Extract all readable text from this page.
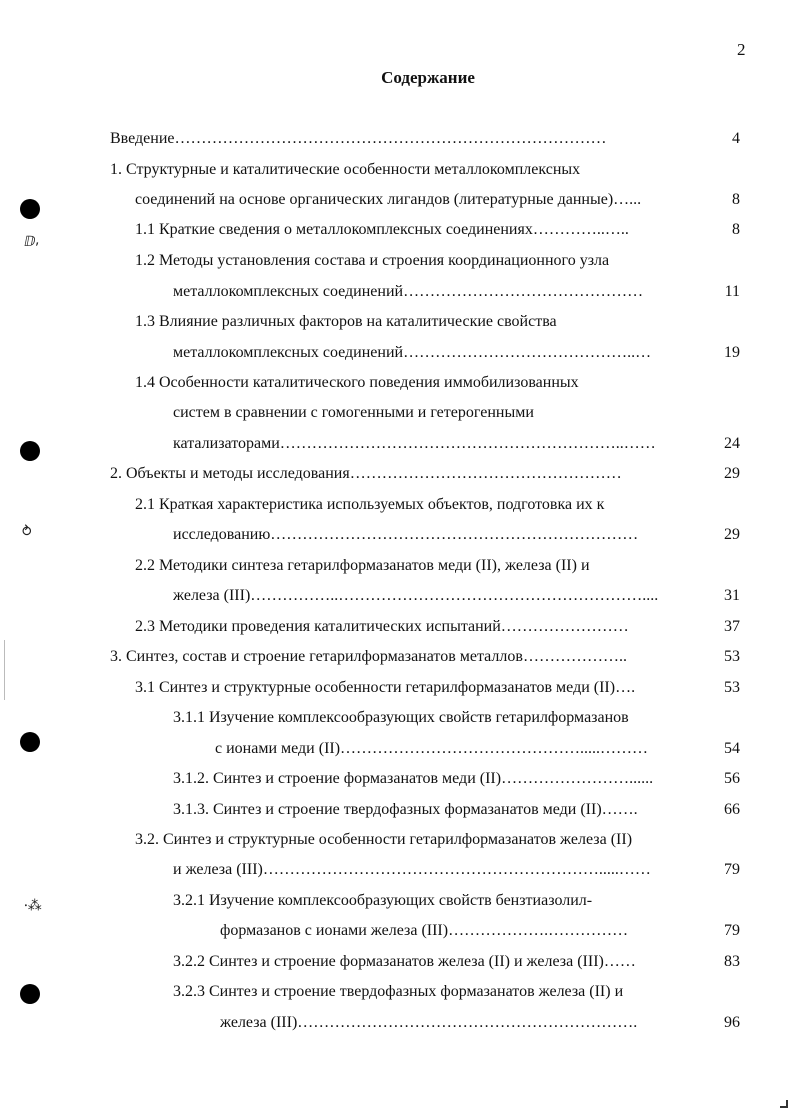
2
Содержание
Введение………………………………………………………………………	4
1. Структурные и каталитические особенности металлокомплексных
соединений на основе органических лигандов (литературные данные)…...	8
1.1 Краткие сведения о металлокомплексных соединениях…………..…..	8
1.2 Методы установления состава и строения координационного узла
металлокомплексных соединений………………………………………	11
1.3 Влияние различных факторов на каталитические свойства
металлокомплексных соединений……………………………………..…	19
1.4 Особенности каталитического поведения иммобилизованных
систем в сравнении с гомогенными и гетерогенными
катализаторами………………………………………………………..……	24
2. Объекты и методы исследования……………………………………………	29
2.1 Краткая характеристика используемых объектов, подготовка их к
исследованию……………………………………………………………	29
2.2 Методики синтеза гетарилформазанатов меди (II), железа (II) и
железа (III)……………..…………………………………………………....	31
2.3 Методики проведения каталитических испытаний……………………	37
3. Синтез, состав и строение гетарилформазанатов металлов………………..	53
3.1 Синтез и структурные особенности гетарилформазанатов меди (II)….	53
3.1.1 Изучение комплексообразующих свойств гетарилформазанов
с ионами меди (II)……………………………………….....………	54
3.1.2. Синтез и строение формазанатов меди (II)……………………......	56
3.1.3. Синтез и строение твердофазных формазанатов меди (II)…….	66
3.2. Синтез и структурные особенности гетарилформазанатов железа (II)
и железа (III)……………………………………………………….....……	79
3.2.1 Изучение комплексообразующих свойств бензтиазолил-
формазанов с ионами железа (III)……………….……………	79
3.2.2 Синтез и строение формазанатов железа (II) и железа (III)……	83
3.2.3 Синтез и строение твердофазных формазанатов железа (II) и
железа (III)……………………………………………………….	96
ⅅ⸴
⥁
⸱⁂
